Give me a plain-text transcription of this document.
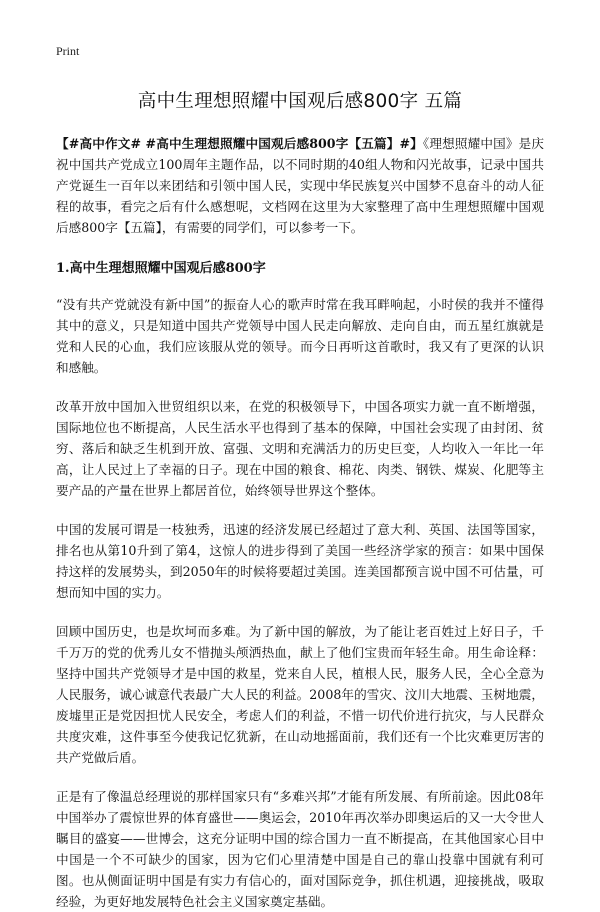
Print
高中生理想照耀中国观后感800字 五篇

【#高中作文# #高中生理想照耀中国观后感800字【五篇】#】《理想照耀中国》是庆祝中国共产党成立100周年主题作品，以不同时期的40组人物和闪光故事，记录中国共产党诞生一百年以来团结和引领中国人民，实现中华民族复兴中国梦不息奋斗的动人征程的故事，看完之后有什么感想呢，文档网在这里为大家整理了高中生理想照耀中国观后感800字【五篇】，有需要的同学们，可以参考一下。

1.高中生理想照耀中国观后感800字

“没有共产党就没有新中国”的振奋人心的歌声时常在我耳畔响起，小时侯的我并不懂得其中的意义，只是知道中国共产党领导中国人民走向解放、走向自由，而五星红旗就是党和人民的心血，我们应该服从党的领导。而今日再听这首歌时，我又有了更深的认识和感触。

改革开放中国加入世贸组织以来，在党的积极领导下，中国各项实力就一直不断增强，国际地位也不断提高，人民生活水平也得到了基本的保障，中国社会实现了由封闭、贫穷、落后和缺乏生机到开放、富强、文明和充满活力的历史巨变，人均收入一年比一年高，让人民过上了幸福的日子。现在中国的粮食、棉花、肉类、钢铁、煤炭、化肥等主要产品的产量在世界上都居首位，始终领导世界这个整体。

中国的发展可谓是一枝独秀，迅速的经济发展已经超过了意大利、英国、法国等国家，排名也从第10升到了第4，这惊人的进步得到了美国一些经济学家的预言：如果中国保持这样的发展势头，到2050年的时候将要超过美国。连美国都预言说中国不可估量，可想而知中国的实力。

回顾中国历史，也是坎坷而多难。为了新中国的解放，为了能让老百姓过上好日子，千千万万的党的优秀儿女不惜抛头颅洒热血，献上了他们宝贵而年轻生命。用生命诠释：坚持中国共产党领导才是中国的救星，党来自人民，植根人民，服务人民，全心全意为人民服务，诚心诚意代表最广大人民的利益。2008年的雪灾、汶川大地震、玉树地震，废墟里正是党因担忧人民安全，考虑人们的利益，不惜一切代价进行抗灾，与人民群众共度灾难，这件事至今使我记忆犹新，在山动地摇面前，我们还有一个比灾难更厉害的共产党做后盾。

正是有了像温总经理说的那样国家只有“多难兴邦”才能有所发展、有所前途。因此08年中国举办了震惊世界的体育盛世——奥运会，2010年再次举办即奥运后的又一大令世人瞩目的盛宴——世博会，这充分证明中国的综合国力一直不断提高，在其他国家心目中中国是一个不可缺少的国家，因为它们心里清楚中国是自己的靠山投靠中国就有利可图。也从侧面证明中国是有实力有信心的，面对国际竞争，抓住机遇，迎接挑战，吸取经验，为更好地发展特色社会主义国家奠定基础。
